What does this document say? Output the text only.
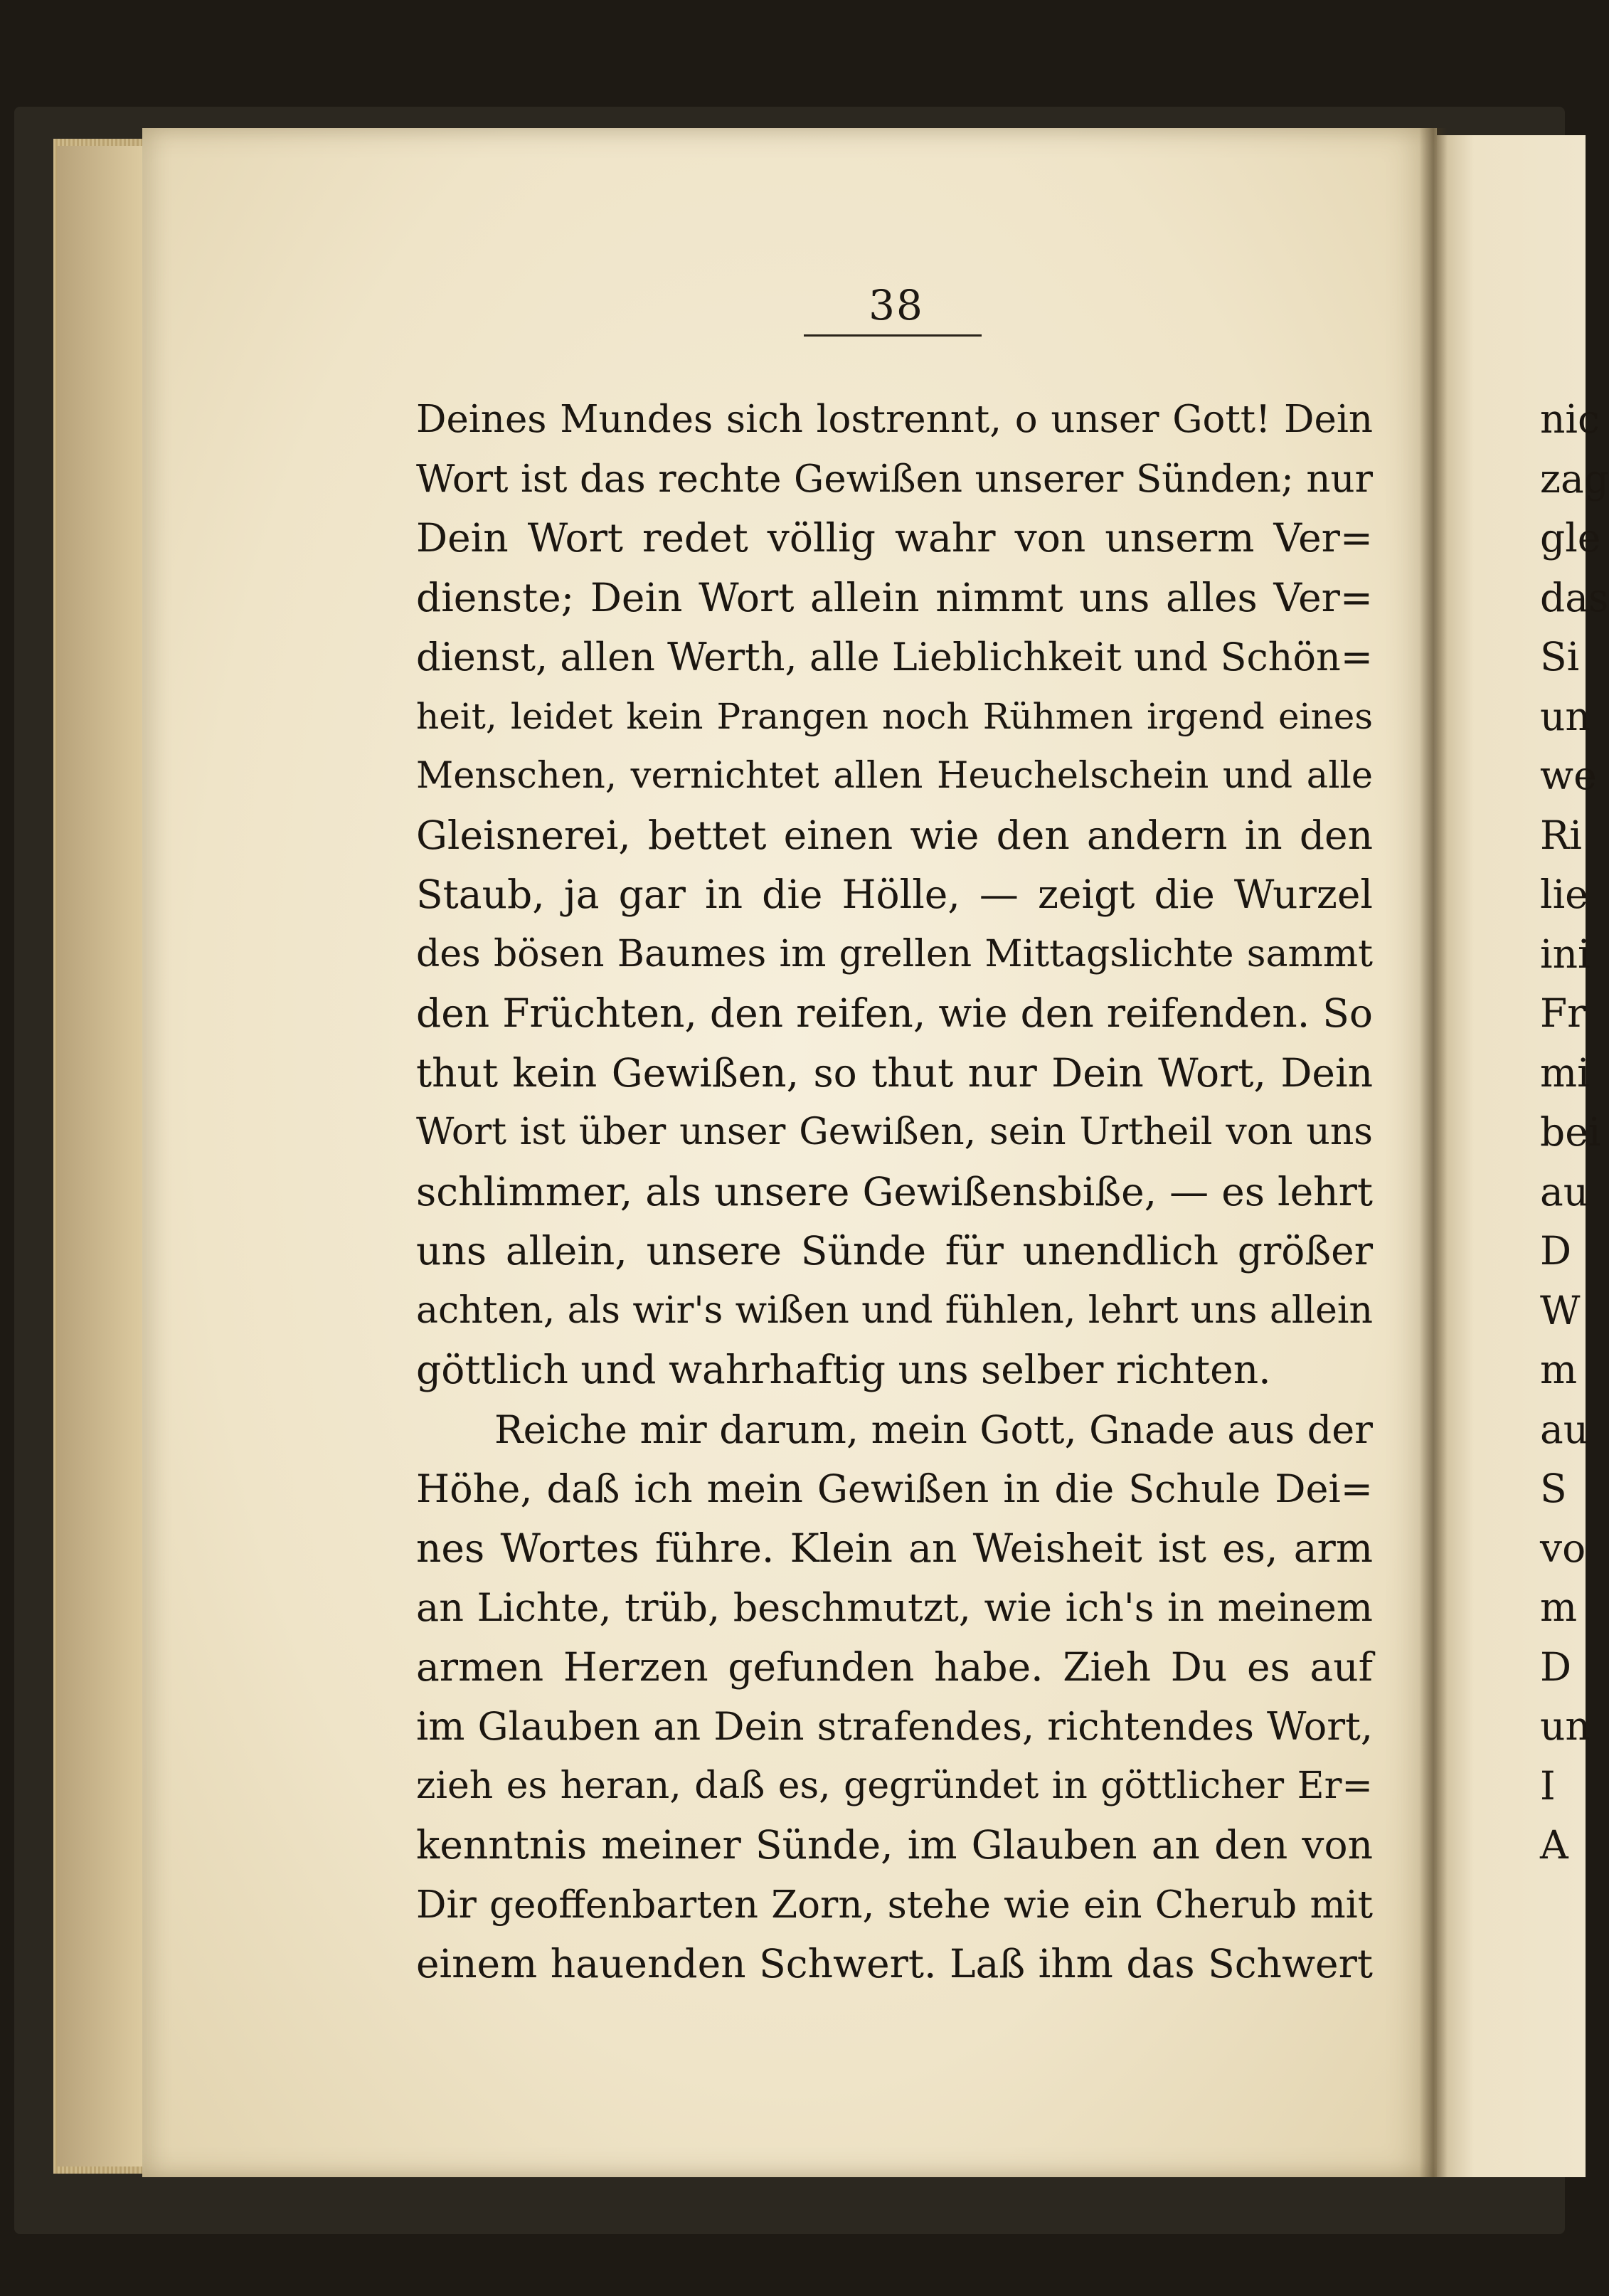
38
Deines Mundes sich lostrennt, o unser Gott! Dein
Wort ist das rechte Gewißen unserer Sünden; nur
Dein Wort redet völlig wahr von unserm Ver=
dienste; Dein Wort allein nimmt uns alles Ver=
dienst, allen Werth, alle Lieblichkeit und Schön=
heit, leidet kein Prangen noch Rühmen irgend eines
Menschen, vernichtet allen Heuchelschein und alle
Gleisnerei, bettet einen wie den andern in den
Staub, ja gar in die Hölle, — zeigt die Wurzel
des bösen Baumes im grellen Mittagslichte sammt
den Früchten, den reifen, wie den reifenden. So
thut kein Gewißen, so thut nur Dein Wort, Dein
Wort ist über unser Gewißen, sein Urtheil von uns
schlimmer, als unsere Gewißensbiße, — es lehrt
uns allein, unsere Sünde für unendlich größer
achten, als wir's wißen und fühlen, lehrt uns allein
göttlich und wahrhaftig uns selber richten.
Reiche mir darum, mein Gott, Gnade aus der
Höhe, daß ich mein Gewißen in die Schule Dei=
nes Wortes führe. Klein an Weisheit ist es, arm
an Lichte, trüb, beschmutzt, wie ich's in meinem
armen Herzen gefunden habe. Zieh Du es auf
im Glauben an Dein strafendes, richtendes Wort,
zieh es heran, daß es, gegründet in göttlicher Er=
kenntnis meiner Sünde, im Glauben an den von
Dir geoffenbarten Zorn, stehe wie ein Cherub mit
einem hauenden Schwert. Laß ihm das Schwert
nic
zag
gle
das
Si
un
we
Ri
lie
ini
Fr
mi
bei
au
D
W
m
au
S
vo
m
D
un
I
A
